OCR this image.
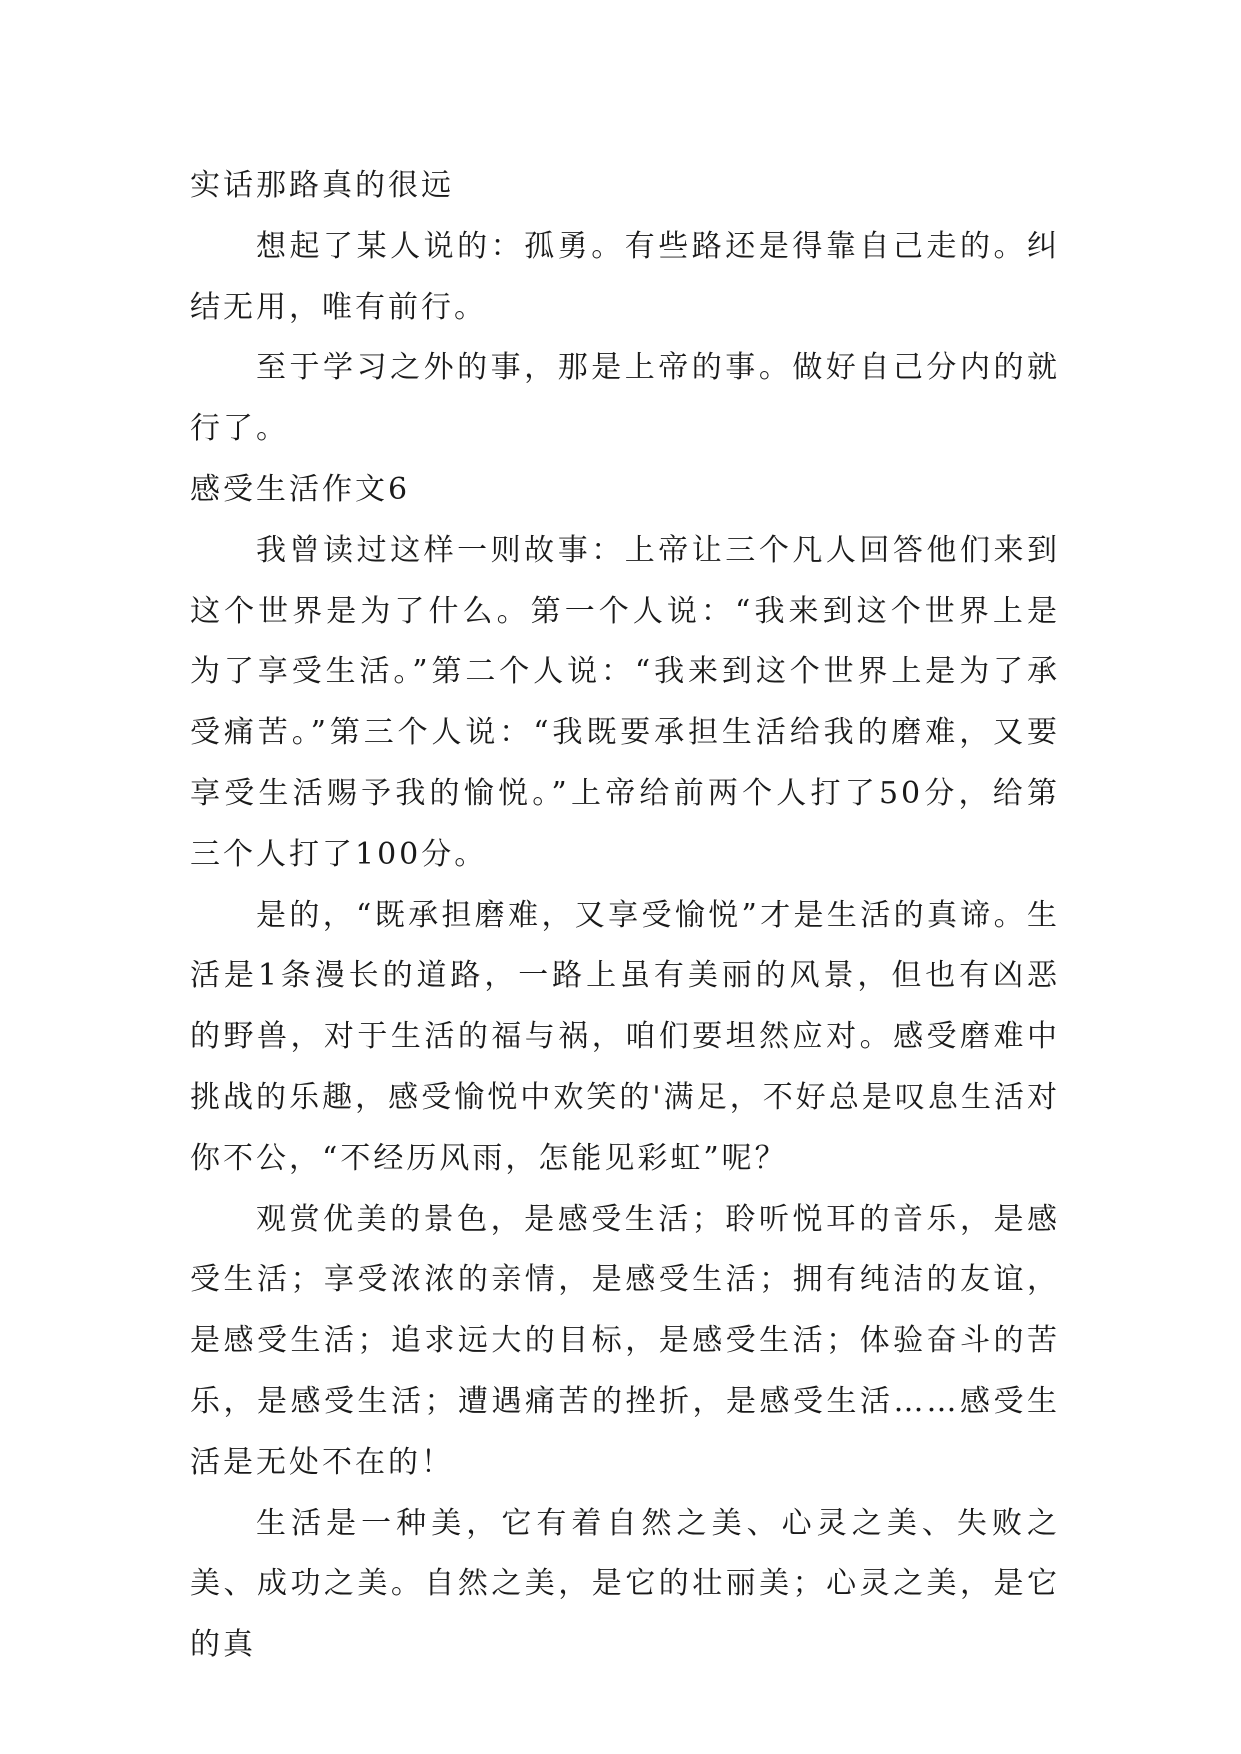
实话那路真的很远

想起了某人说的：孤勇。有些路还是得靠自己走的。纠结无用，唯有前行。

至于学习之外的事，那是上帝的事。做好自己分内的就行了。

感受生活作文6

我曾读过这样一则故事：上帝让三个凡人回答他们来到这个世界是为了什么。第一个人说：“我来到这个世界上是为了享受生活。”第二个人说：“我来到这个世界上是为了承受痛苦。”第三个人说：“我既要承担生活给我的磨难，又要享受生活赐予我的愉悦。”上帝给前两个人打了50分，给第三个人打了100分。

是的，“既承担磨难，又享受愉悦”才是生活的真谛。生活是1条漫长的道路，一路上虽有美丽的风景，但也有凶恶的野兽，对于生活的福与祸，咱们要坦然应对。感受磨难中挑战的乐趣，感受愉悦中欢笑的'满足，不好总是叹息生活对你不公，“不经历风雨，怎能见彩虹”呢？

观赏优美的景色，是感受生活；聆听悦耳的音乐，是感受生活；享受浓浓的亲情，是感受生活；拥有纯洁的友谊，是感受生活；追求远大的目标，是感受生活；体验奋斗的苦乐，是感受生活；遭遇痛苦的挫折，是感受生活……感受生活是无处不在的！

生活是一种美，它有着自然之美、心灵之美、失败之美、成功之美。自然之美，是它的壮丽美；心灵之美，是它的真
